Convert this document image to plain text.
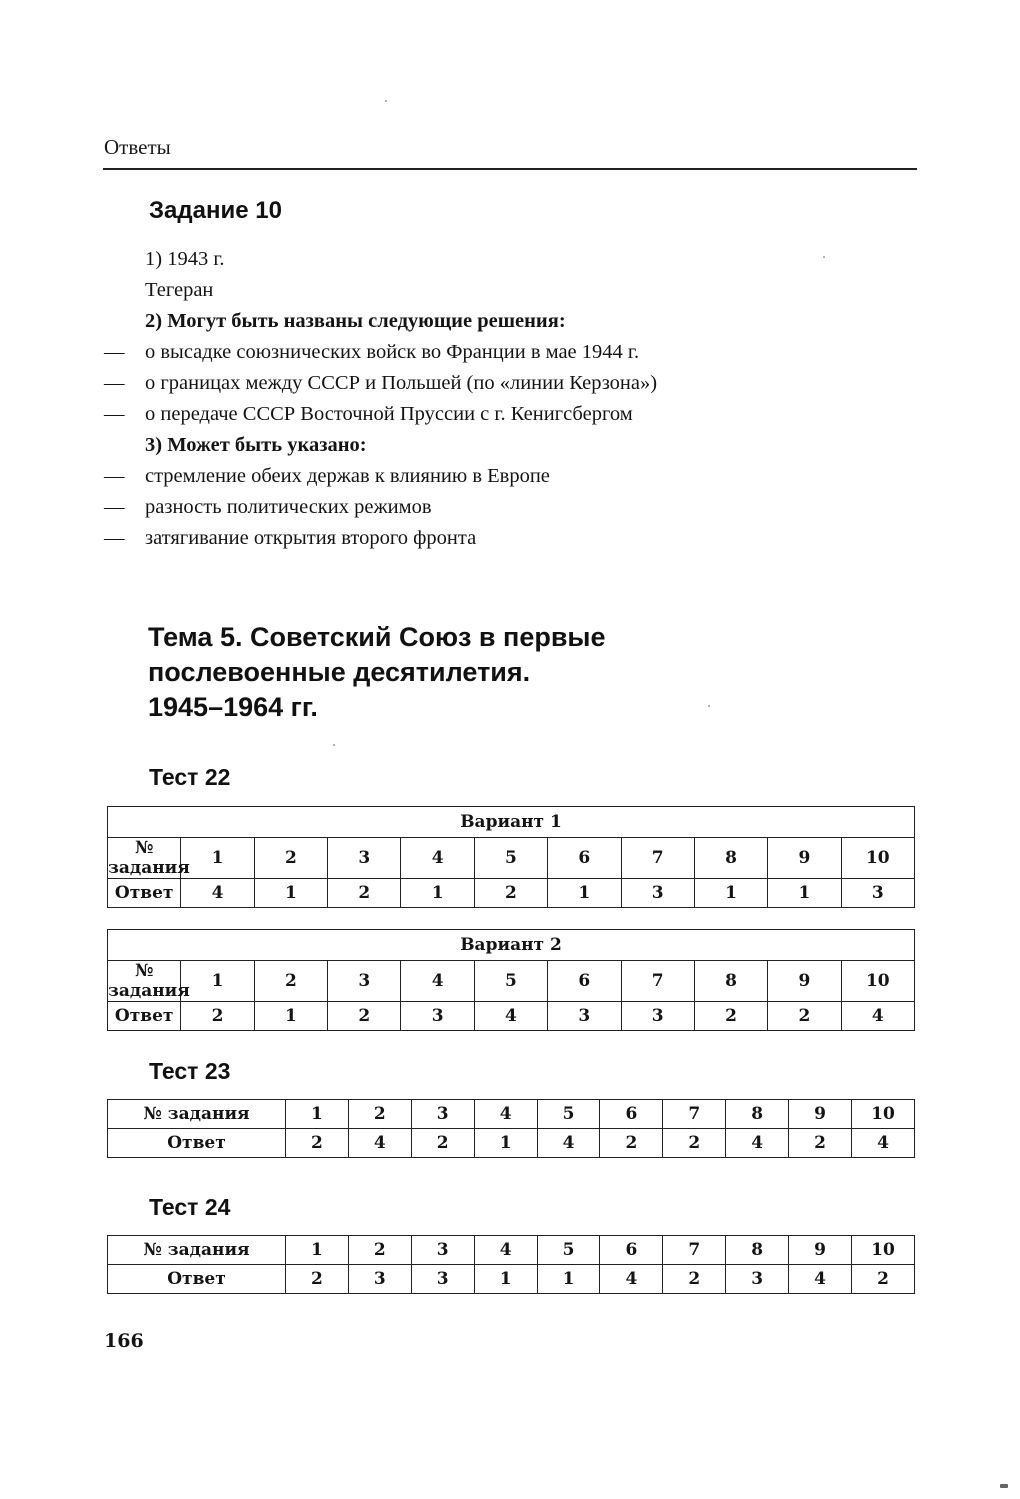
Ответы
Задание 10
1) 1943 г.
Тегеран
2) Могут быть названы следующие решения:
— о высадке союзнических войск во Франции в мае 1944 г.
— о границах между СССР и Польшей (по «линии Керзона»)
— о передаче СССР Восточной Пруссии с г. Кенигсбергом
3) Может быть указано:
— стремление обеих держав к влиянию в Европе
— разность политических режимов
— затягивание открытия второго фронта
Тема 5. Советский Союз в первые
послевоенные десятилетия.
1945–1964 гг.
Тест 22
Вариант 1										
№ задания	1	2	3	4	5	6	7	8	9	10
Ответ	4	1	2	1	2	1	3	1	1	3
Вариант 2										
№ задания	1	2	3	4	5	6	7	8	9	10
Ответ	2	1	2	3	4	3	3	2	2	4
Тест 23
№ задания	1	2	3	4	5	6	7	8	9	10
Ответ	2	4	2	1	4	2	2	4	2	4
Тест 24
№ задания	1	2	3	4	5	6	7	8	9	10
Ответ	2	3	3	1	1	4	2	3	4	2
166
